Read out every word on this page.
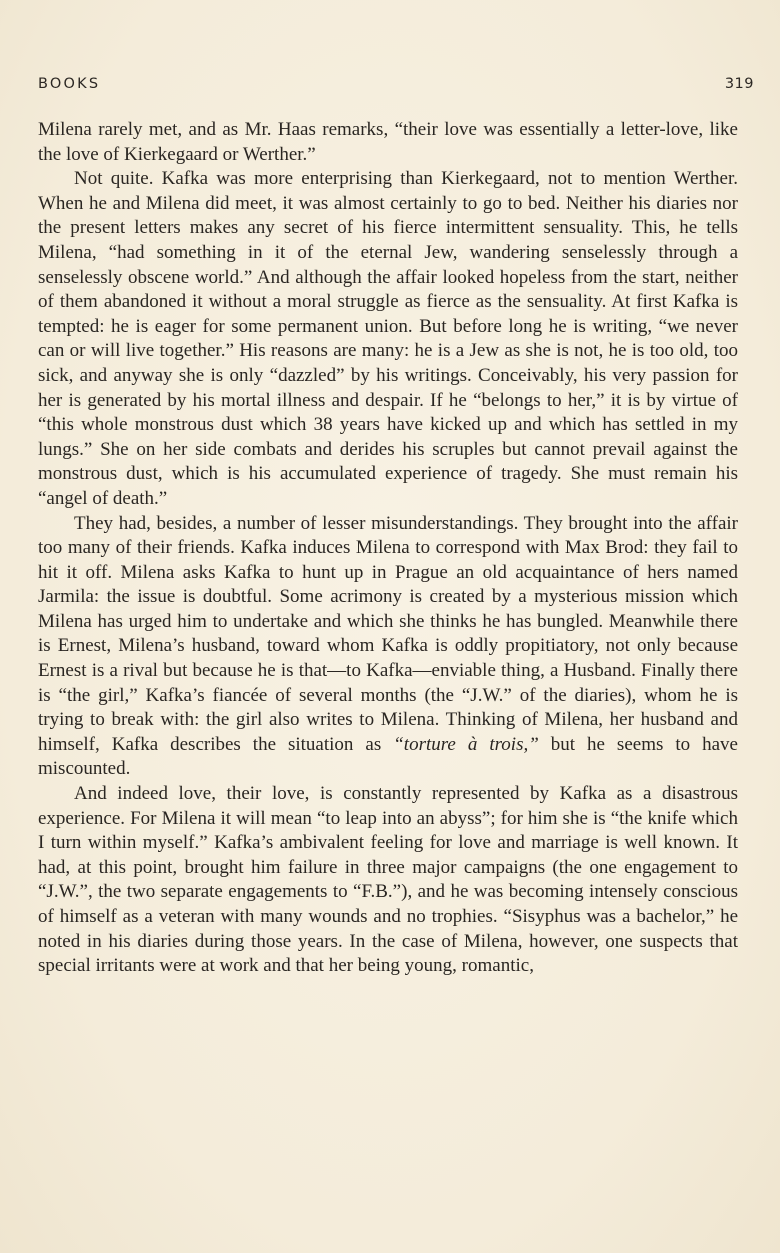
BOOKS	319

Milena rarely met, and as Mr. Haas remarks, “their love was essentially a letter-love, like the love of Kierkegaard or Werther.”

Not quite. Kafka was more enterprising than Kierkegaard, not to mention Werther. When he and Milena did meet, it was almost certainly to go to bed. Neither his diaries nor the present letters makes any secret of his fierce intermittent sensuality. This, he tells Milena, “had something in it of the eternal Jew, wandering senselessly through a senselessly obscene world.” And although the affair looked hopeless from the start, neither of them abandoned it without a moral struggle as fierce as the sensuality. At first Kafka is tempted: he is eager for some permanent union. But before long he is writing, “we never can or will live together.” His reasons are many: he is a Jew as she is not, he is too old, too sick, and anyway she is only “dazzled” by his writings. Conceivably, his very passion for her is generated by his mortal illness and despair. If he “belongs to her,” it is by virtue of “this whole monstrous dust which 38 years have kicked up and which has settled in my lungs.” She on her side combats and derides his scruples but cannot prevail against the monstrous dust, which is his accumulated experience of tragedy. She must remain his “angel of death.”

They had, besides, a number of lesser misunderstandings. They brought into the affair too many of their friends. Kafka induces Milena to correspond with Max Brod: they fail to hit it off. Milena asks Kafka to hunt up in Prague an old acquaintance of hers named Jarmila: the issue is doubtful. Some acrimony is created by a mysterious mission which Milena has urged him to undertake and which she thinks he has bungled. Meanwhile there is Ernest, Milena’s husband, toward whom Kafka is oddly propitiatory, not only because Ernest is a rival but because he is that—to Kafka—enviable thing, a Husband. Finally there is “the girl,” Kafka’s fiancée of several months (the “J.W.” of the diaries), whom he is trying to break with: the girl also writes to Milena. Thinking of Milena, her husband and himself, Kafka describes the situation as “torture à trois,” but he seems to have miscounted.

And indeed love, their love, is constantly represented by Kafka as a disastrous experience. For Milena it will mean “to leap into an abyss”; for him she is “the knife which I turn within myself.” Kafka’s ambivalent feeling for love and marriage is well known. It had, at this point, brought him failure in three major campaigns (the one engagement to “J.W.”, the two separate engagements to “F.B.”), and he was becoming intensely conscious of himself as a veteran with many wounds and no trophies. “Sisyphus was a bachelor,” he noted in his diaries during those years. In the case of Milena, however, one suspects that special irritants were at work and that her being young, romantic,
